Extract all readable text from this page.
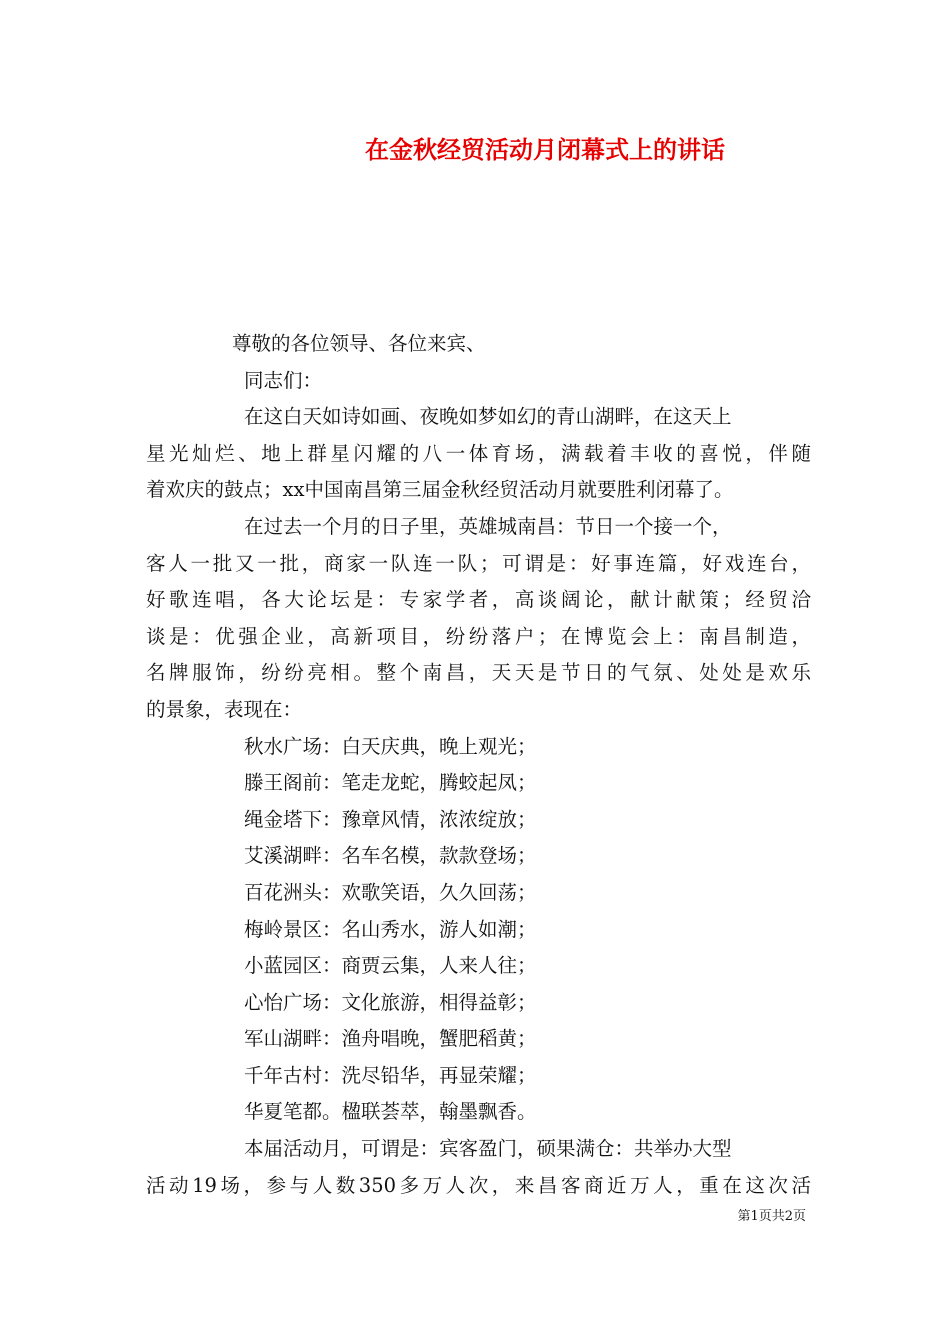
在金秋经贸活动月闭幕式上的讲话
尊敬的各位领导、各位来宾、
同志们：
在这白天如诗如画、夜晚如梦如幻的青山湖畔，在这天上
星光灿烂、地上群星闪耀的八一体育场，满载着丰收的喜悦，伴随
着欢庆的鼓点；xx中国南昌第三届金秋经贸活动月就要胜利闭幕了。
在过去一个月的日子里，英雄城南昌：节日一个接一个，
客人一批又一批，商家一队连一队；可谓是：好事连篇，好戏连台，
好歌连唱，各大论坛是：专家学者，高谈阔论，献计献策；经贸洽
谈是：优强企业，高新项目，纷纷落户；在博览会上：南昌制造，
名牌服饰，纷纷亮相。整个南昌，天天是节日的气氛、处处是欢乐
的景象，表现在：
秋水广场：白天庆典，晚上观光；
滕王阁前：笔走龙蛇，腾蛟起凤；
绳金塔下：豫章风情，浓浓绽放；
艾溪湖畔：名车名模，款款登场；
百花洲头：欢歌笑语，久久回荡；
梅岭景区：名山秀水，游人如潮；
小蓝园区：商贾云集，人来人往；
心怡广场：文化旅游，相得益彰；
军山湖畔：渔舟唱晚，蟹肥稻黄；
千年古村：洗尽铅华，再显荣耀；
华夏笔都。楹联荟萃，翰墨飘香。
本届活动月，可谓是：宾客盈门，硕果满仓：共举办大型
活动19场，参与人数350多万人次，来昌客商近万人，重在这次活
第1页共2页
